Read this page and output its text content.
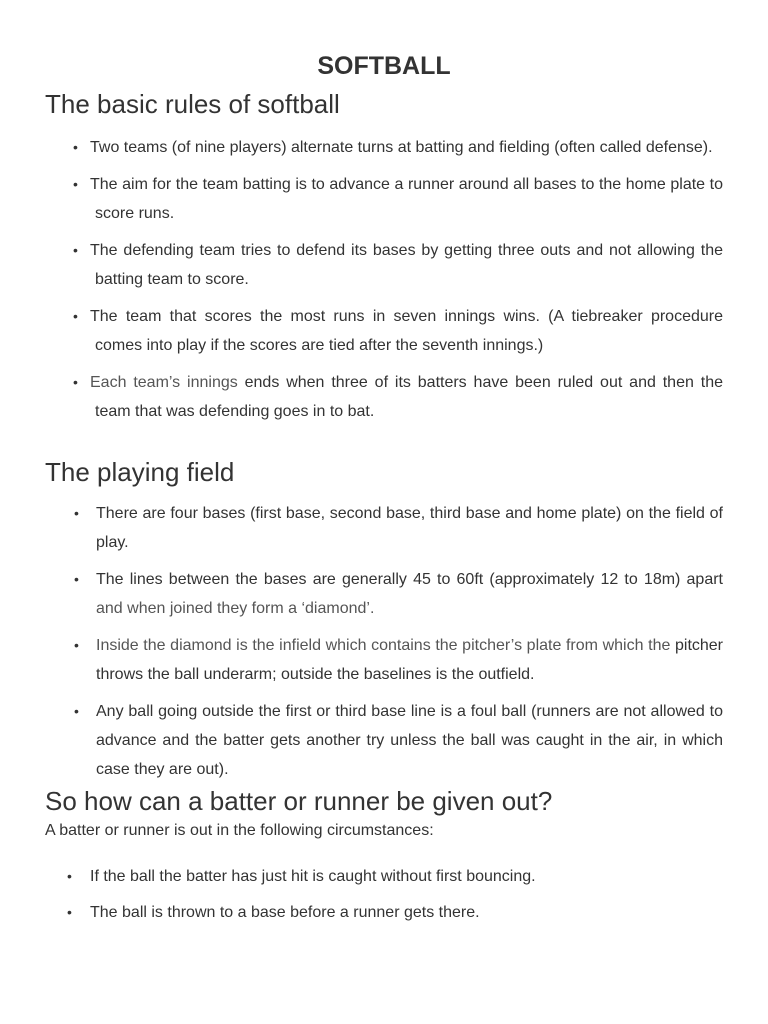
SOFTBALL
The basic rules of softball
• Two teams (of nine players) alternate turns at batting and fielding (often called defense).
• The aim for the team batting is to advance a runner around all bases to the home plate to score runs.
• The defending team tries to defend its bases by getting three outs and not allowing the batting team to score.
• The team that scores the most runs in seven innings wins. (A tiebreaker procedure comes into play if the scores are tied after the seventh innings.)
• Each team’s innings ends when three of its batters have been ruled out and then the team that was defending goes in to bat.
The playing field
• There are four bases (first base, second base, third base and home plate) on the field of play.
• The lines between the bases are generally 45 to 60ft (approximately 12 to 18m) apart and when joined they form a ‘diamond’.
• Inside the diamond is the infield which contains the pitcher’s plate from which the pitcher throws the ball underarm; outside the baselines is the outfield.
• Any ball going outside the first or third base line is a foul ball (runners are not allowed to advance and the batter gets another try unless the ball was caught in the air, in which case they are out).
So how can a batter or runner be given out?

A batter or runner is out in the following circumstances:

• If the ball the batter has just hit is caught without first bouncing.
• The ball is thrown to a base before a runner gets there.
